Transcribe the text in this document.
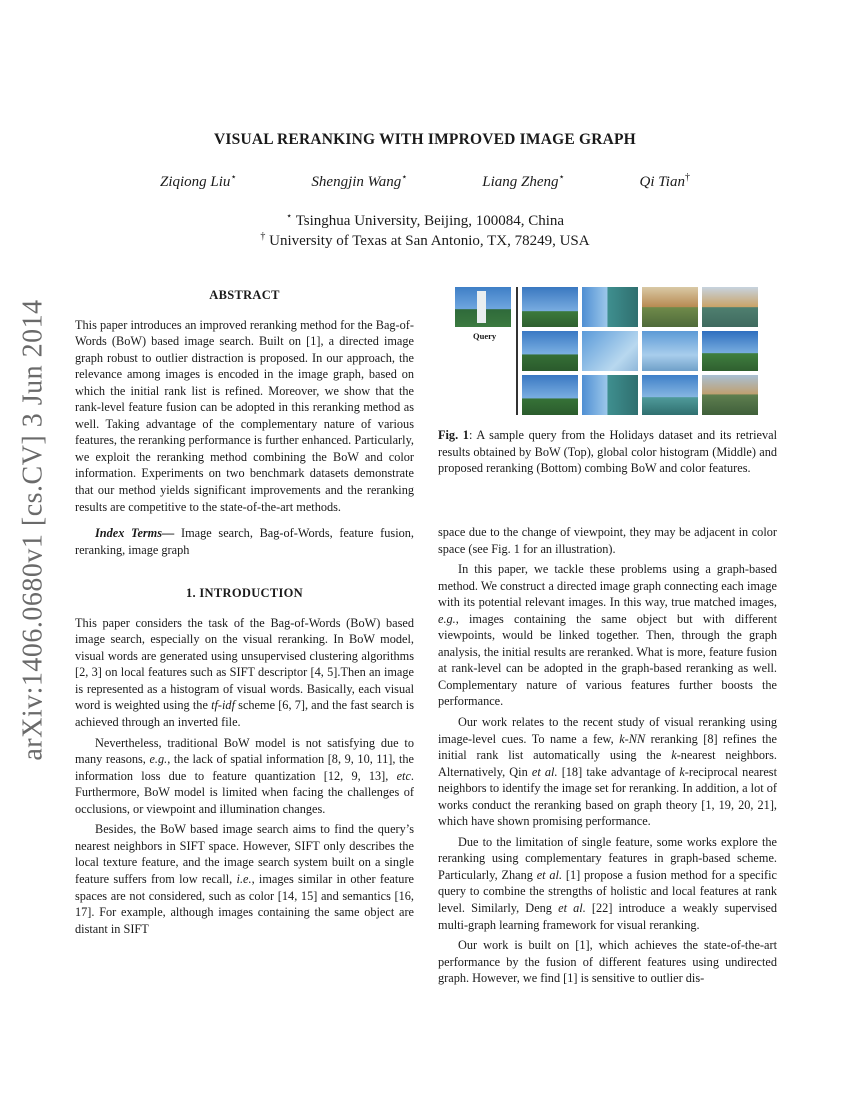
arXiv:1406.0680v1 [cs.CV] 3 Jun 2014
VISUAL RERANKING WITH IMPROVED IMAGE GRAPH
Ziqiong Liu⋆	Shengjin Wang⋆	Liang Zheng⋆	Qi Tian†
⋆ Tsinghua University, Beijing, 100084, China
† University of Texas at San Antonio, TX, 78249, USA
ABSTRACT

This paper introduces an improved reranking method for the Bag-of-Words (BoW) based image search. Built on [1], a directed image graph robust to outlier distraction is proposed. In our approach, the relevance among images is encoded in the image graph, based on which the initial rank list is refined. Moreover, we show that the rank-level feature fusion can be adopted in this reranking method as well. Taking advantage of the complementary nature of various features, the reranking performance is further enhanced. Particularly, we exploit the reranking method combining the BoW and color information. Experiments on two benchmark datasets demonstrate that our method yields significant improvements and the reranking results are competitive to the state-of-the-art methods.

Index Terms— Image search, Bag-of-Words, feature fusion, reranking, image graph

1. INTRODUCTION

This paper considers the task of the Bag-of-Words (BoW) based image search, especially on the visual reranking. In BoW model, visual words are generated using unsupervised clustering algorithms [2, 3] on local features such as SIFT descriptor [4, 5].Then an image is represented as a histogram of visual words. Basically, each visual word is weighted using the tf-idf scheme [6, 7], and the fast search is achieved through an inverted file.

Nevertheless, traditional BoW model is not satisfying due to many reasons, e.g., the lack of spatial information [8, 9, 10, 11], the information loss due to feature quantization [12, 9, 13], etc. Furthermore, BoW model is limited when facing the challenges of occlusions, or viewpoint and illumination changes.

Besides, the BoW based image search aims to find the query’s nearest neighbors in SIFT space. However, SIFT only describes the local texture feature, and the image search system built on a single feature suffers from low recall, i.e., images similar in other feature spaces are not considered, such as color [14, 15] and semantics [16, 17]. For example, although images containing the same object are distant in SIFT

Query
Fig. 1: A sample query from the Holidays dataset and its retrieval results obtained by BoW (Top), global color histogram (Middle) and proposed reranking (Bottom) combing BoW and color features.

space due to the change of viewpoint, they may be adjacent in color space (see Fig. 1 for an illustration).

In this paper, we tackle these problems using a graph-based method. We construct a directed image graph connecting each image with its potential relevant images. In this way, true matched images, e.g., images containing the same object but with different viewpoints, would be linked together. Then, through the graph analysis, the initial results are reranked. What is more, feature fusion at rank-level can be adopted in the graph-based reranking as well. Complementary nature of various features further boosts the performance.

Our work relates to the recent study of visual reranking using image-level cues. To name a few, k-NN reranking [8] refines the initial rank list automatically using the k-nearest neighbors. Alternatively, Qin et al. [18] take advantage of k-reciprocal nearest neighbors to identify the image set for reranking. In addition, a lot of works conduct the reranking based on graph theory [1, 19, 20, 21], which have shown promising performance.

Due to the limitation of single feature, some works explore the reranking using complementary features in graph-based scheme. Particularly, Zhang et al. [1] propose a fusion method for a specific query to combine the strengths of holistic and local features at rank level. Similarly, Deng et al. [22] introduce a weakly supervised multi-graph learning framework for visual reranking.

Our work is built on [1], which achieves the state-of-the-art performance by the fusion of different features using undirected graph. However, we find [1] is sensitive to outlier dis-
